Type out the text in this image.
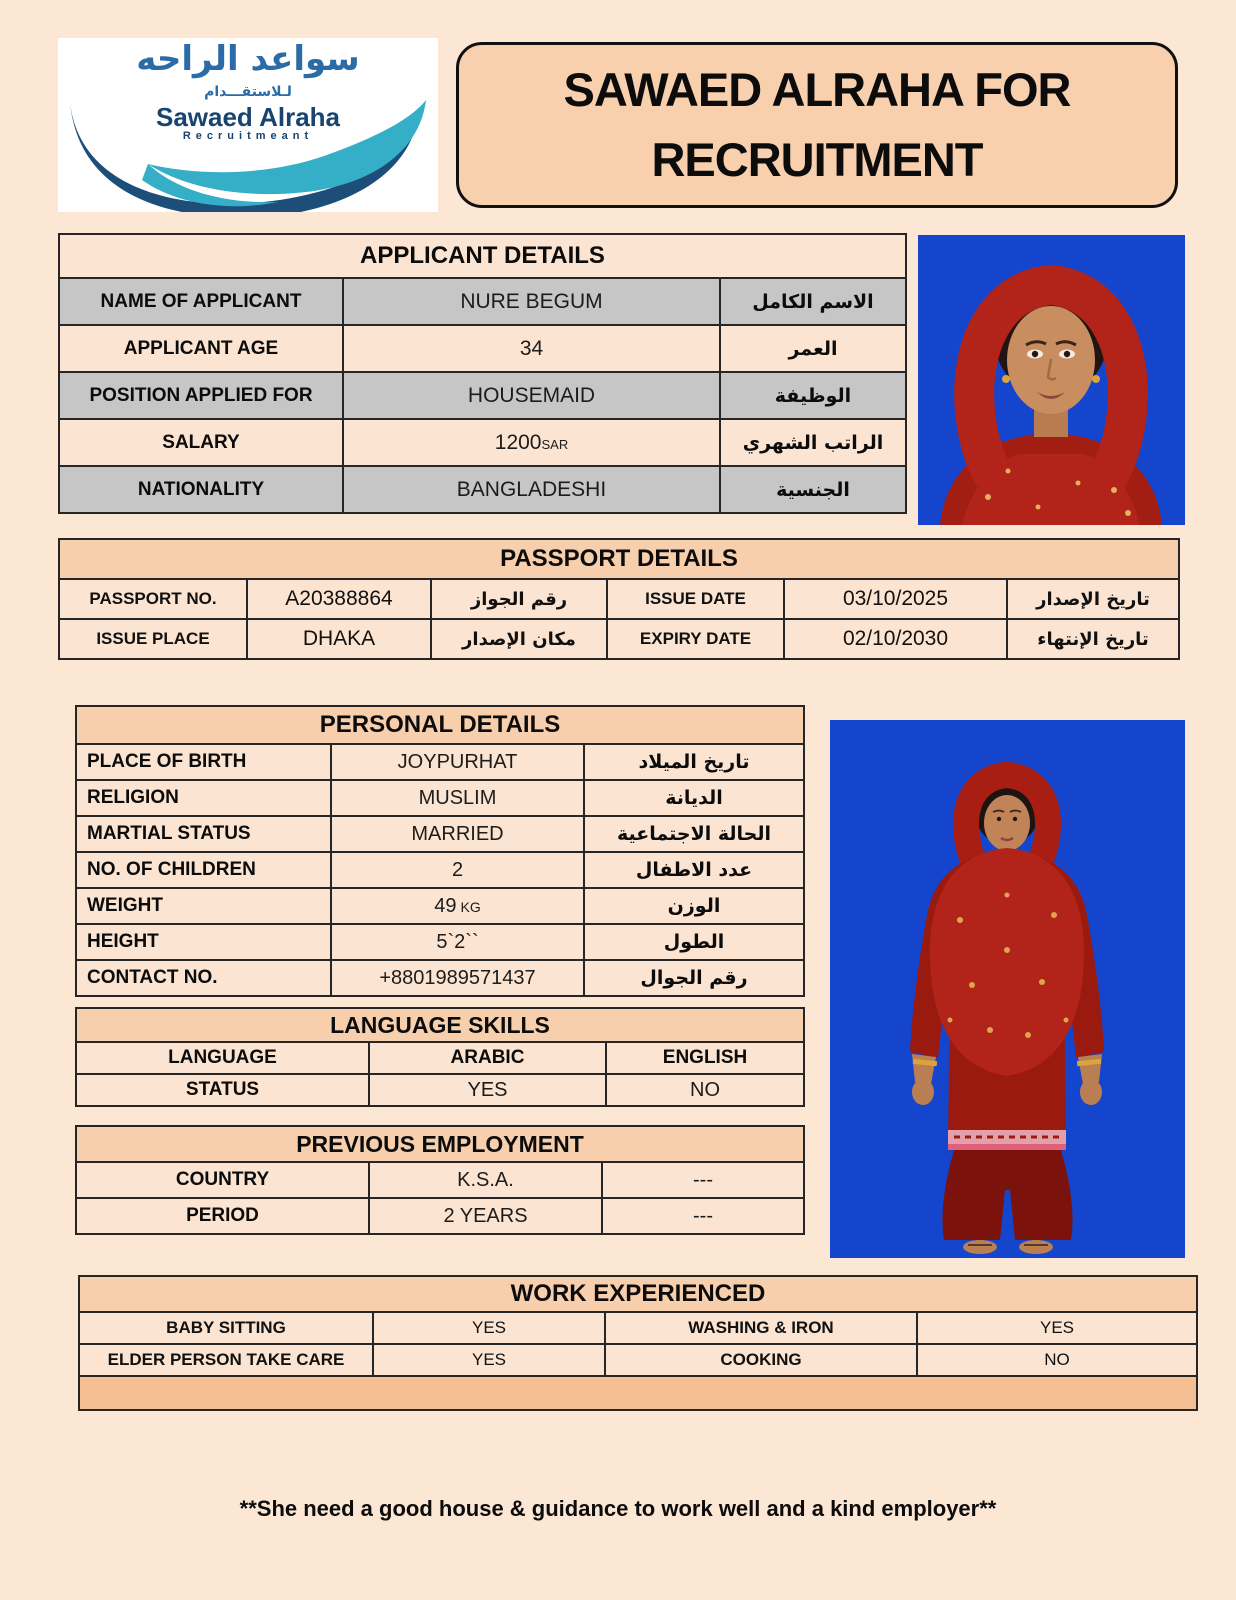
سواعد الراحه
لـلاستقـــدام
Sawaed Alraha
Recruitmeant
SAWAED ALRAHA FOR
RECRUITMENT
APPLICANT DETAILS		
NAME OF APPLICANT	NURE BEGUM	الاسم الكامل
APPLICANT AGE	34	العمر
POSITION APPLIED FOR	HOUSEMAID	الوظيفة
SALARY	1200SAR	الراتب الشهري
NATIONALITY	BANGLADESHI	الجنسية
PASSPORT DETAILS					
PASSPORT NO.	A20388864	رقم الجواز	ISSUE DATE	03/10/2025	تاريخ الإصدار
ISSUE PLACE	DHAKA	مكان الإصدار	EXPIRY DATE	02/10/2030	تاريخ الإنتهاء
PERSONAL DETAILS		
PLACE OF BIRTH	JOYPURHAT	تاريخ الميلاد
RELIGION	MUSLIM	الديانة
MARTIAL STATUS	MARRIED	الحالة الاجتماعية
NO. OF CHILDREN	2	عدد الاطفال
WEIGHT	49 KG	الوزن
HEIGHT	5`2``	الطول
CONTACT NO.	+8801989571437	رقم الجوال
LANGUAGE SKILLS		
LANGUAGE	ARABIC	ENGLISH
STATUS	YES	NO
PREVIOUS EMPLOYMENT		
COUNTRY	K.S.A.	---
PERIOD	2 YEARS	---
WORK EXPERIENCED			
BABY SITTING	YES	WASHING & IRON	YES
ELDER PERSON TAKE CARE	YES	COOKING	NO

**She need a good house & guidance to work well and a kind employer**
